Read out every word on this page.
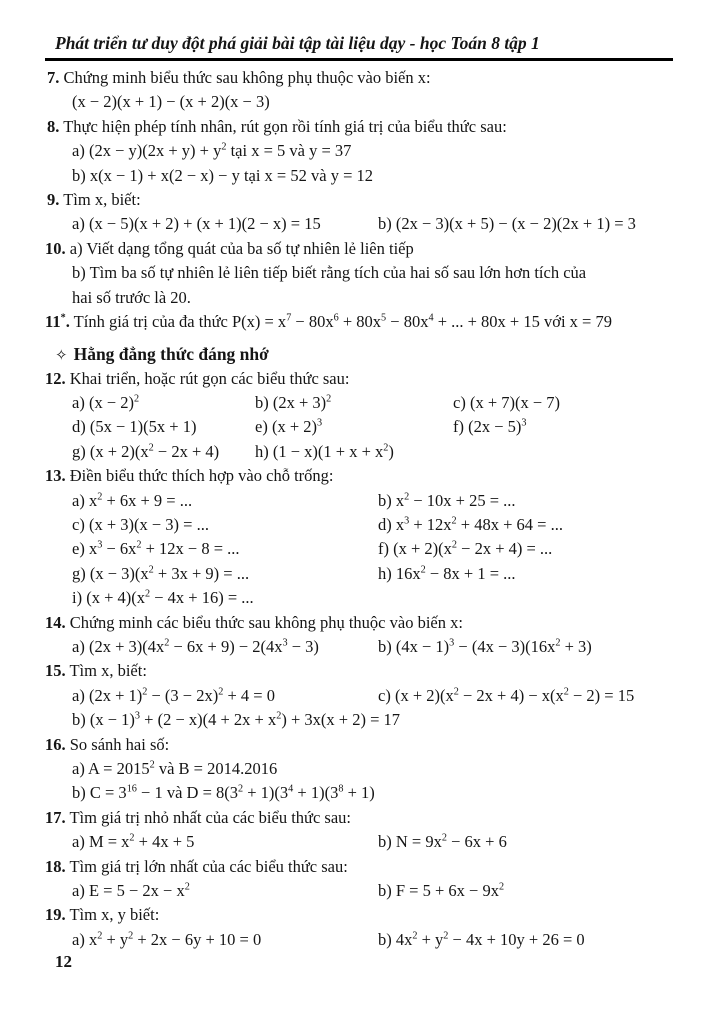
Phát triển tư duy đột phá giải bài tập tài liệu dạy - học Toán 8 tập 1
7. Chứng minh biểu thức sau không phụ thuộc vào biến x:
(x − 2)(x + 1) − (x + 2)(x − 3)
8. Thực hiện phép tính nhân, rút gọn rồi tính giá trị của biểu thức sau:
a) $(2x - y)(2x + y) + y^2$ tại x = 5 và y = 37
b) x(x − 1) + x(2 − x) − y tại x = 52 và y = 12
9. Tìm x, biết:
a) (x − 5)(x + 2) + (x + 1)(2 − x) = 15	b) (2x − 3)(x + 5) − (x − 2)(2x + 1) = 3
10. a) Viết dạng tổng quát của ba số tự nhiên lẻ liên tiếp
b) Tìm ba số tự nhiên lẻ liên tiếp biết rằng tích của hai số sau lớn hơn tích của
hai số trước là 20.
11*. Tính giá trị của đa thức $P(x) = x^7 - 80x^6 + 80x^5 - 80x^4$ + ... + 80x + 15 với x = 79
✧ Hằng đẳng thức đáng nhớ
12. Khai triển, hoặc rút gọn các biểu thức sau:
a) $(x - 2)^2$	b) $(2x + 3)^2$	c) (x + 7)(x − 7)
d) (5x − 1)(5x + 1)	e) $(x + 2)^3$	f) $(2x - 5)^3$
g) $(x + 2)(x^2 - 2x + 4)$ h) $(1 - x)(1 + x + x^2)$
13. Điền biểu thức thích hợp vào chỗ trống:
a) $x^2 + 6x + 9$ = ...	b) $x^2 - 10x + 25$ = ...
c) (x + 3)(x − 3) = ...	d) $x^3 + 12x^2 + 48x + 64$ = ...
e) $x^3 - 6x^2 + 12x - 8$ = ...	f) $(x + 2)(x^2 - 2x + 4)$ = ...
g) $(x - 3)(x^2 + 3x + 9)$ = ...	h) $16x^2 - 8x + 1$ = ...
i) $(x + 4)(x^2 - 4x + 16)$ = ...
14. Chứng minh các biểu thức sau không phụ thuộc vào biến x:
a) $(2x + 3)(4x^2 - 6x + 9) - 2(4x^3 - 3)$	b) $(4x - 1)^3 - (4x - 3)(16x^2 + 3)$
15. Tìm x, biết:
a) $(2x + 1)^2 - (3 - 2x)^2 + 4 = 0$	c) $(x + 2)(x^2 - 2x + 4) - x(x^2 - 2) = 15$
b) $(x - 1)^3 + (2 - x)(4 + 2x + x^2) + 3x(x + 2) = 17$
16. So sánh hai số:
a) $A = 2015^2$ và B = 2014.2016
b) $C = 3^{16} - 1$ và $D = 8(3^2 + 1)(3^4 + 1)(3^8 + 1)$
17. Tìm giá trị nhỏ nhất của các biểu thức sau:
a) $M = x^2 + 4x + 5$	b) $N = 9x^2 - 6x + 6$
18. Tìm giá trị lớn nhất của các biểu thức sau:
a) $E = 5 - 2x - x^2$	b) $F = 5 + 6x - 9x^2$
19. Tìm x, y biết:
a) $x^2 + y^2 + 2x - 6y + 10 = 0$	b) $4x^2 + y^2 - 4x + 10y + 26 = 0$
12
